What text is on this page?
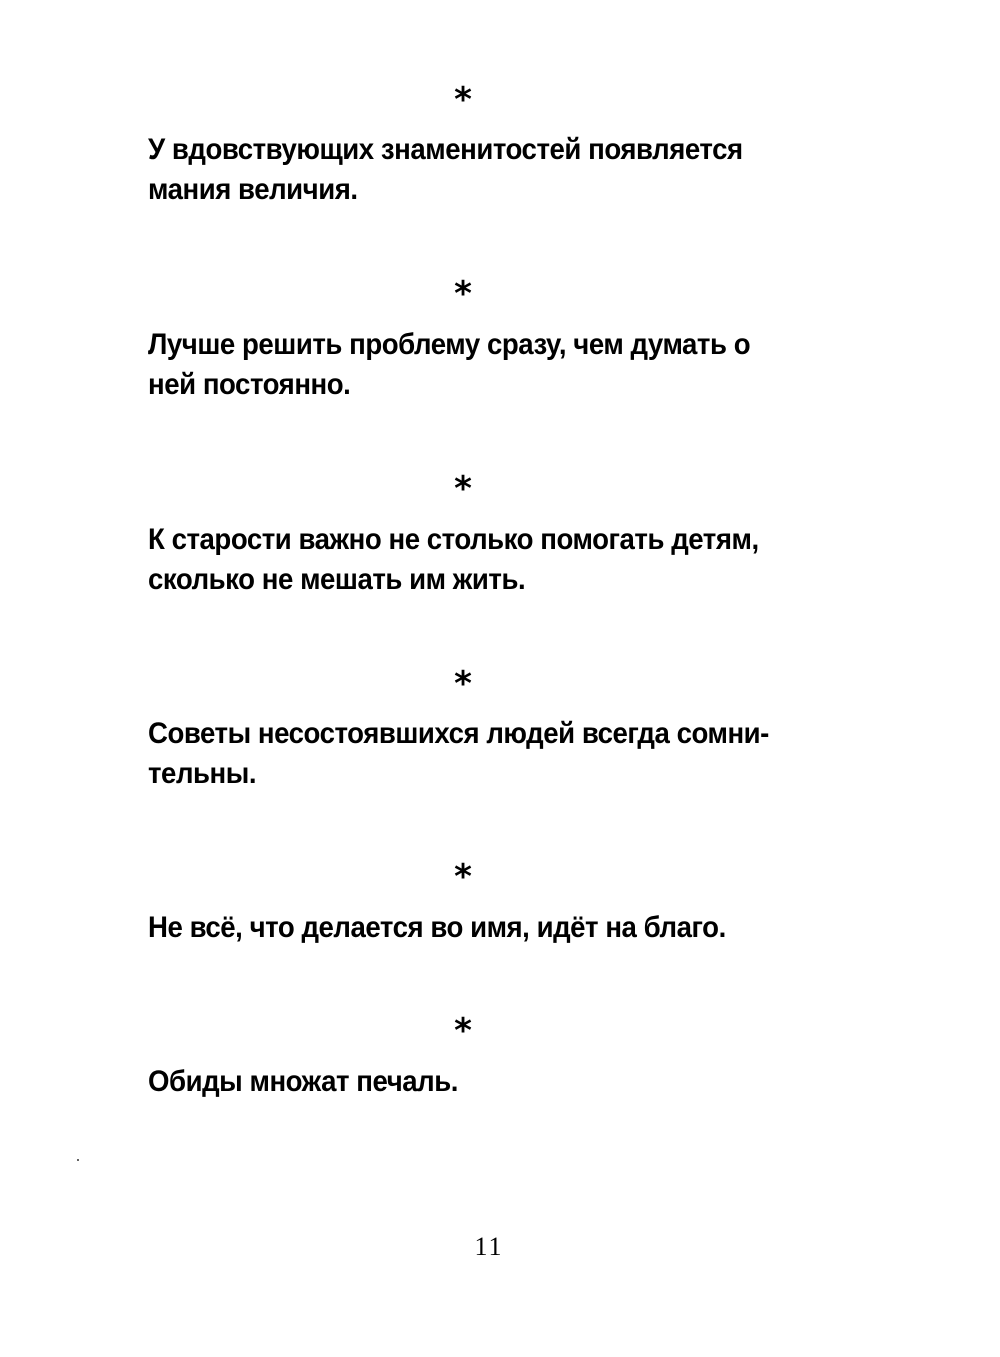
*
У вдовствующих знаменитостей появляется
мания величия.
*
Лучше решить проблему сразу, чем думать о
ней постоянно.
*
К старости важно не столько помогать детям,
сколько не мешать им жить.
*
Советы несостоявшихся людей всегда сомни-
тельны.
*
Не всё, что делается во имя, идёт на благо.
*
Обиды множат печаль.
11
